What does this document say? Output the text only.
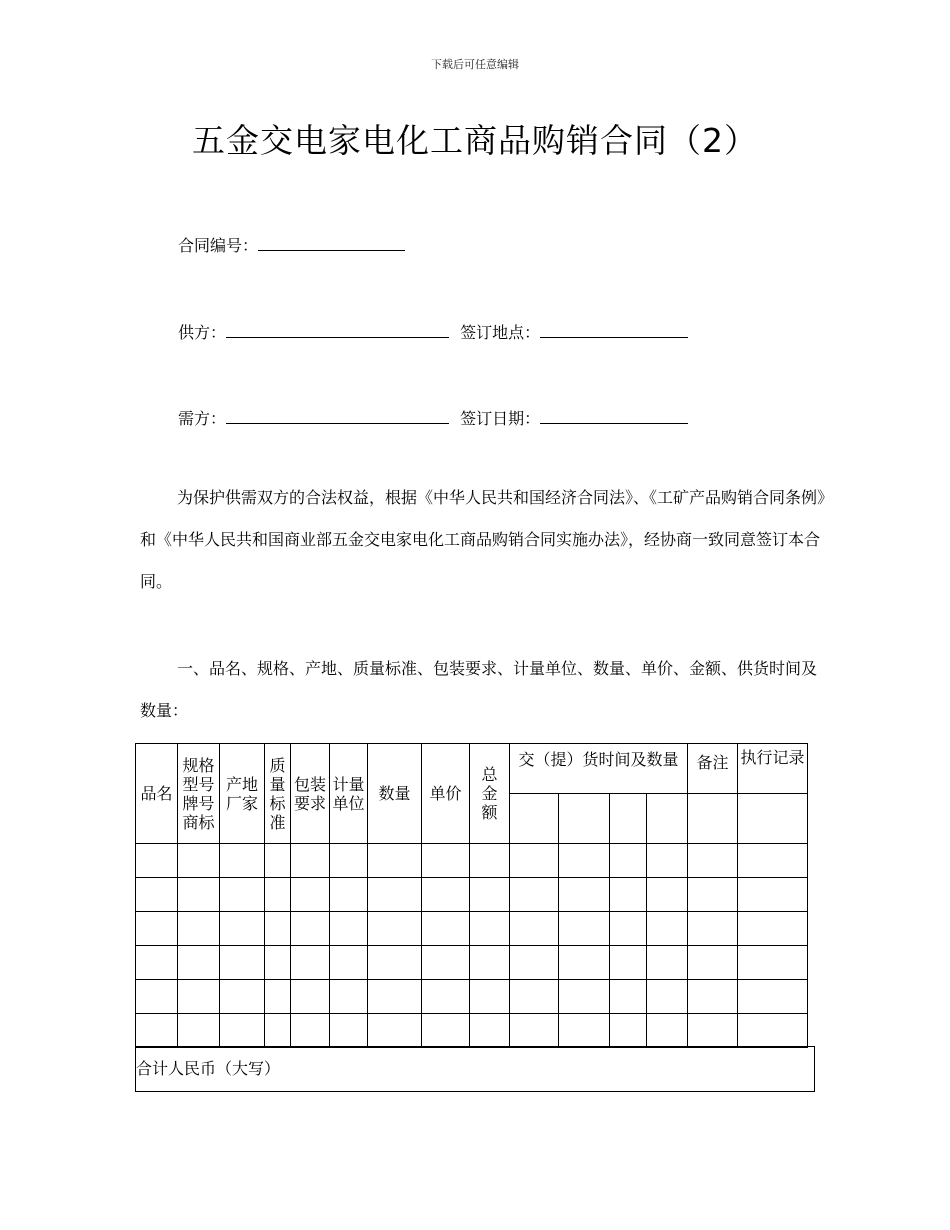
下载后可任意编辑
五金交电家电化工商品购销合同（2）
合同编号：
供方：	签订地点：
需方：	签订日期：
为保护供需双方的合法权益，根据《中华人民共和国经济合同法》、《工矿产品购销合同条例》和《中华人民共和国商业部五金交电家电化工商品购销合同实施办法》，经协商一致同意签订本合同。
一、品名、规格、产地、质量标准、包装要求、计量单位、数量、单价、金额、供货时间及数量：
品名	规格型号牌号商标	产地厂家	质量标准	包装要求	计量单位	数量	单价	总金额	交（提）货时间及数量				备注	执行记录

合计人民币（大写）
